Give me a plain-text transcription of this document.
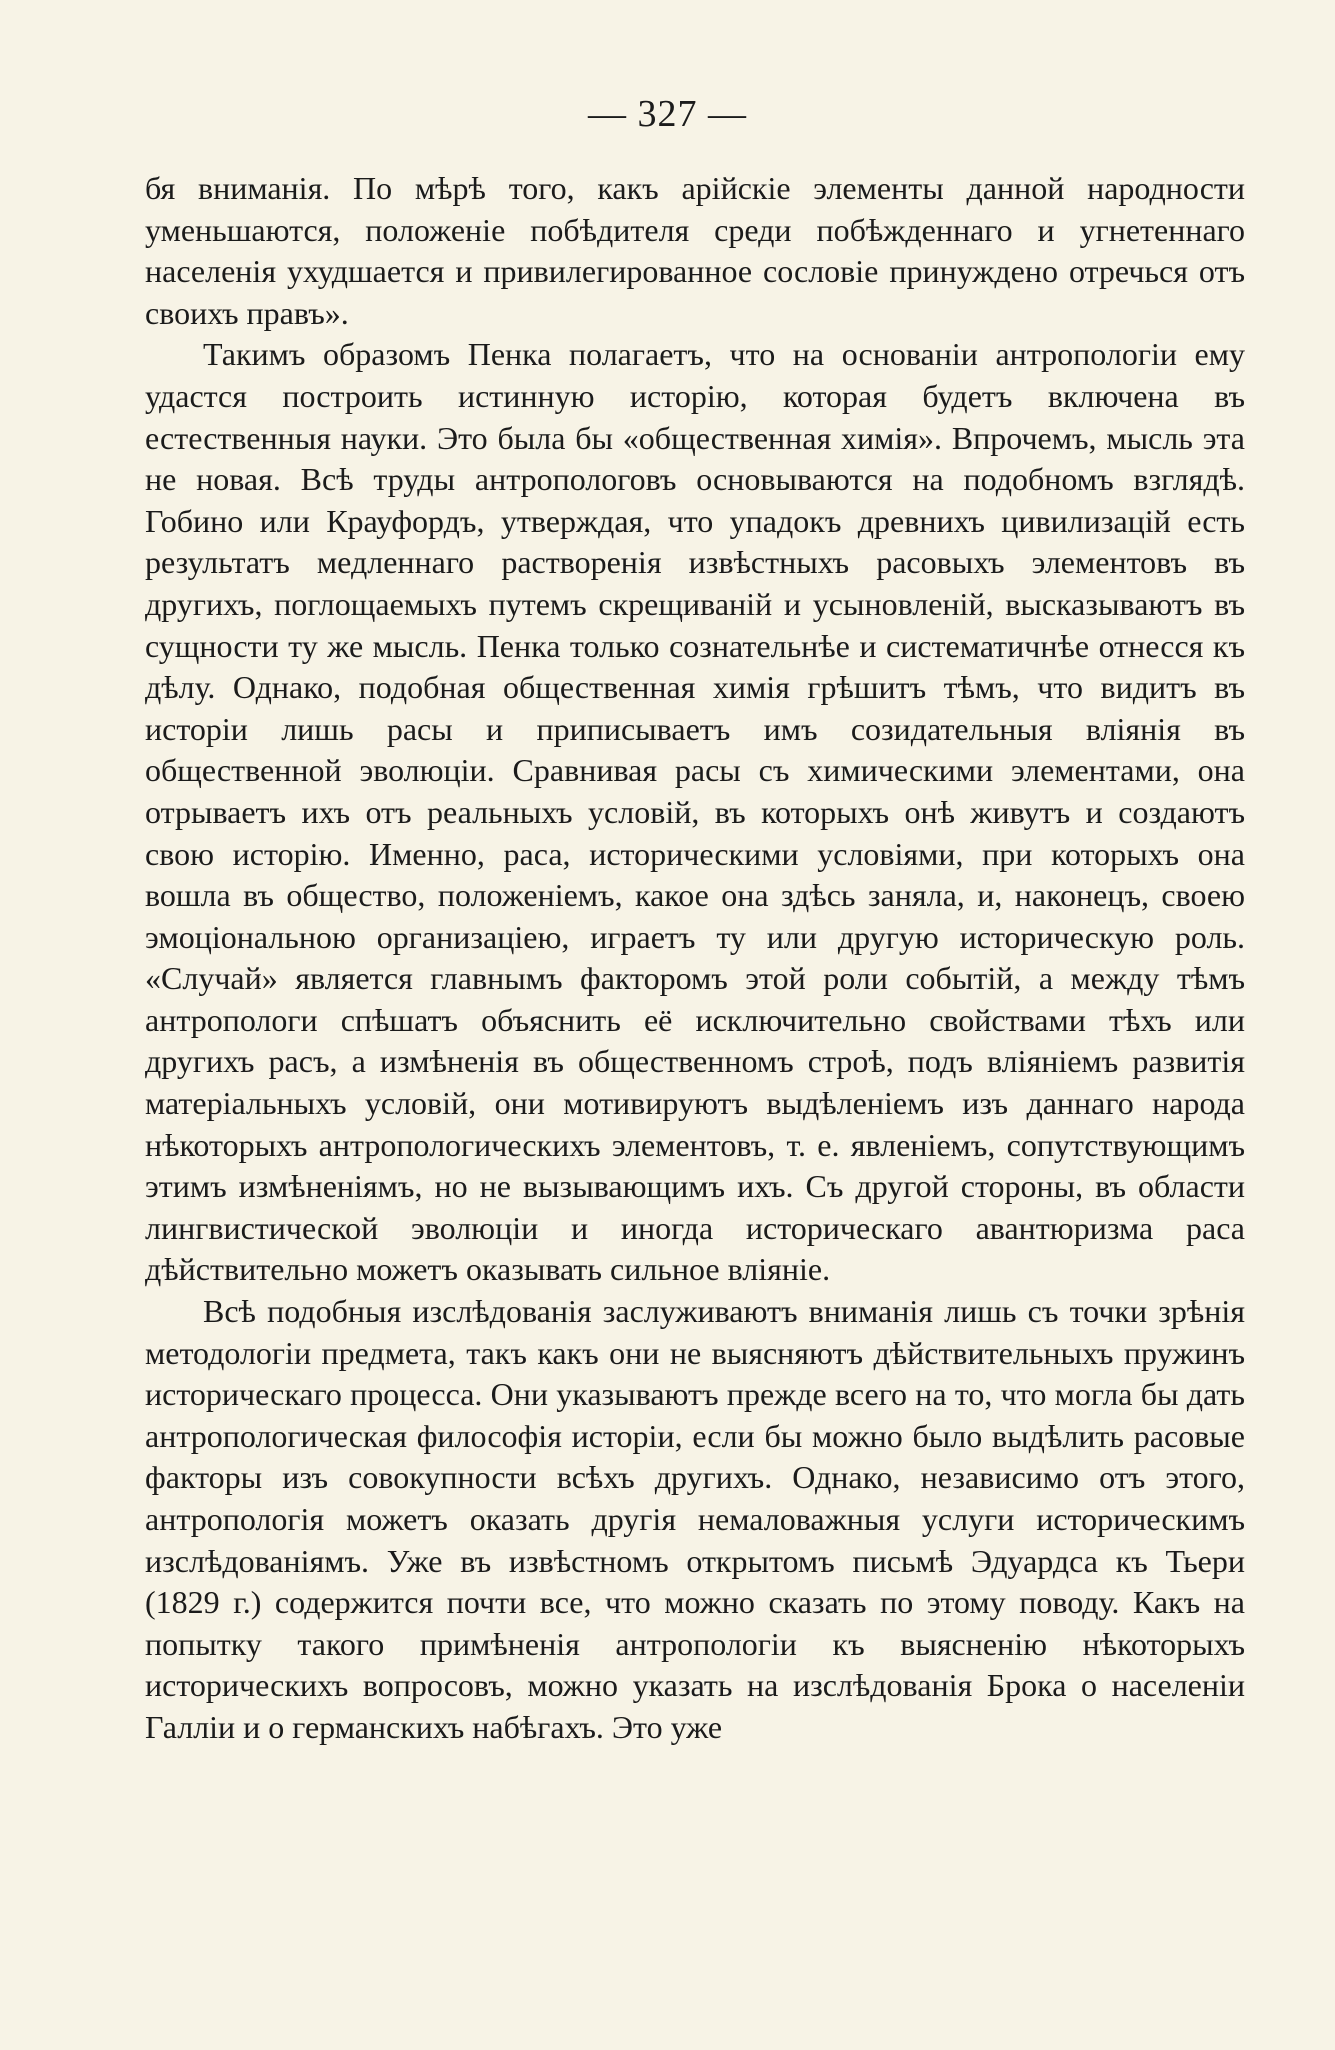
— 327 —

бя вниманія. По мѣрѣ того, какъ арійскіе элементы данной народности уменьшаются, положеніе побѣдителя среди побѣжденнаго и угнетеннаго населенія ухудшается и привилегированное сословіе принуждено отречься отъ своихъ правъ».

Такимъ образомъ Пенка полагаетъ, что на основаніи антропологіи ему удастся построить истинную исторію, которая будетъ включена въ естественныя науки. Это была бы «общественная химія». Впрочемъ, мысль эта не новая. Всѣ труды антропологовъ основываются на подобномъ взглядѣ. Гобино или Крауфордъ, утверждая, что упадокъ древнихъ цивилизацій есть результатъ медленнаго растворенія извѣстныхъ расовыхъ элементовъ въ другихъ, поглощаемыхъ путемъ скрещиваній и усыновленій, высказываютъ въ сущности ту же мысль. Пенка только сознательнѣе и систематичнѣе отнесся къ дѣлу. Однако, подобная общественная химія грѣшитъ тѣмъ, что видитъ въ исторіи лишь расы и приписываетъ имъ созидательныя вліянія въ общественной эволюціи. Сравнивая расы съ химическими элементами, она отрываетъ ихъ отъ реальныхъ условій, въ которыхъ онѣ живутъ и создаютъ свою исторію. Именно, раса, историческими условіями, при которыхъ она вошла въ общество, положеніемъ, какое она здѣсь заняла, и, наконецъ, своею эмоціональною организаціею, играетъ ту или другую историческую роль. «Случай» является главнымъ факторомъ этой роли событій, а между тѣмъ антропологи спѣшатъ объяснить её исключительно свойствами тѣхъ или другихъ расъ, а измѣненія въ общественномъ строѣ, подъ вліяніемъ развитія матеріальныхъ условій, они мотивируютъ выдѣленіемъ изъ даннаго народа нѣкоторыхъ антропологическихъ элементовъ, т. е. явленіемъ, сопутствующимъ этимъ измѣненіямъ, но не вызывающимъ ихъ. Съ другой стороны, въ области лингвистической эволюціи и иногда историческаго авантюризма раса дѣйствительно можетъ оказывать сильное вліяніе.

Всѣ подобныя изслѣдованія заслуживаютъ вниманія лишь съ точки зрѣнія методологіи предмета, такъ какъ они не выясняютъ дѣйствительныхъ пружинъ историческаго процесса. Они указываютъ прежде всего на то, что могла бы дать антропологическая философія исторіи, если бы можно было выдѣлить расовые факторы изъ совокупности всѣхъ другихъ. Однако, независимо отъ этого, антропологія можетъ оказать другія немаловажныя услуги историческимъ изслѣдованіямъ. Уже въ извѣстномъ открытомъ письмѣ Эдуардса къ Тьери (1829 г.) содержится почти все, что можно сказать по этому поводу. Какъ на попытку такого примѣненія антропологіи къ выясненію нѣкоторыхъ историческихъ вопросовъ, можно указать на изслѣдованія Брока о населеніи Галліи и о германскихъ набѣгахъ. Это уже
